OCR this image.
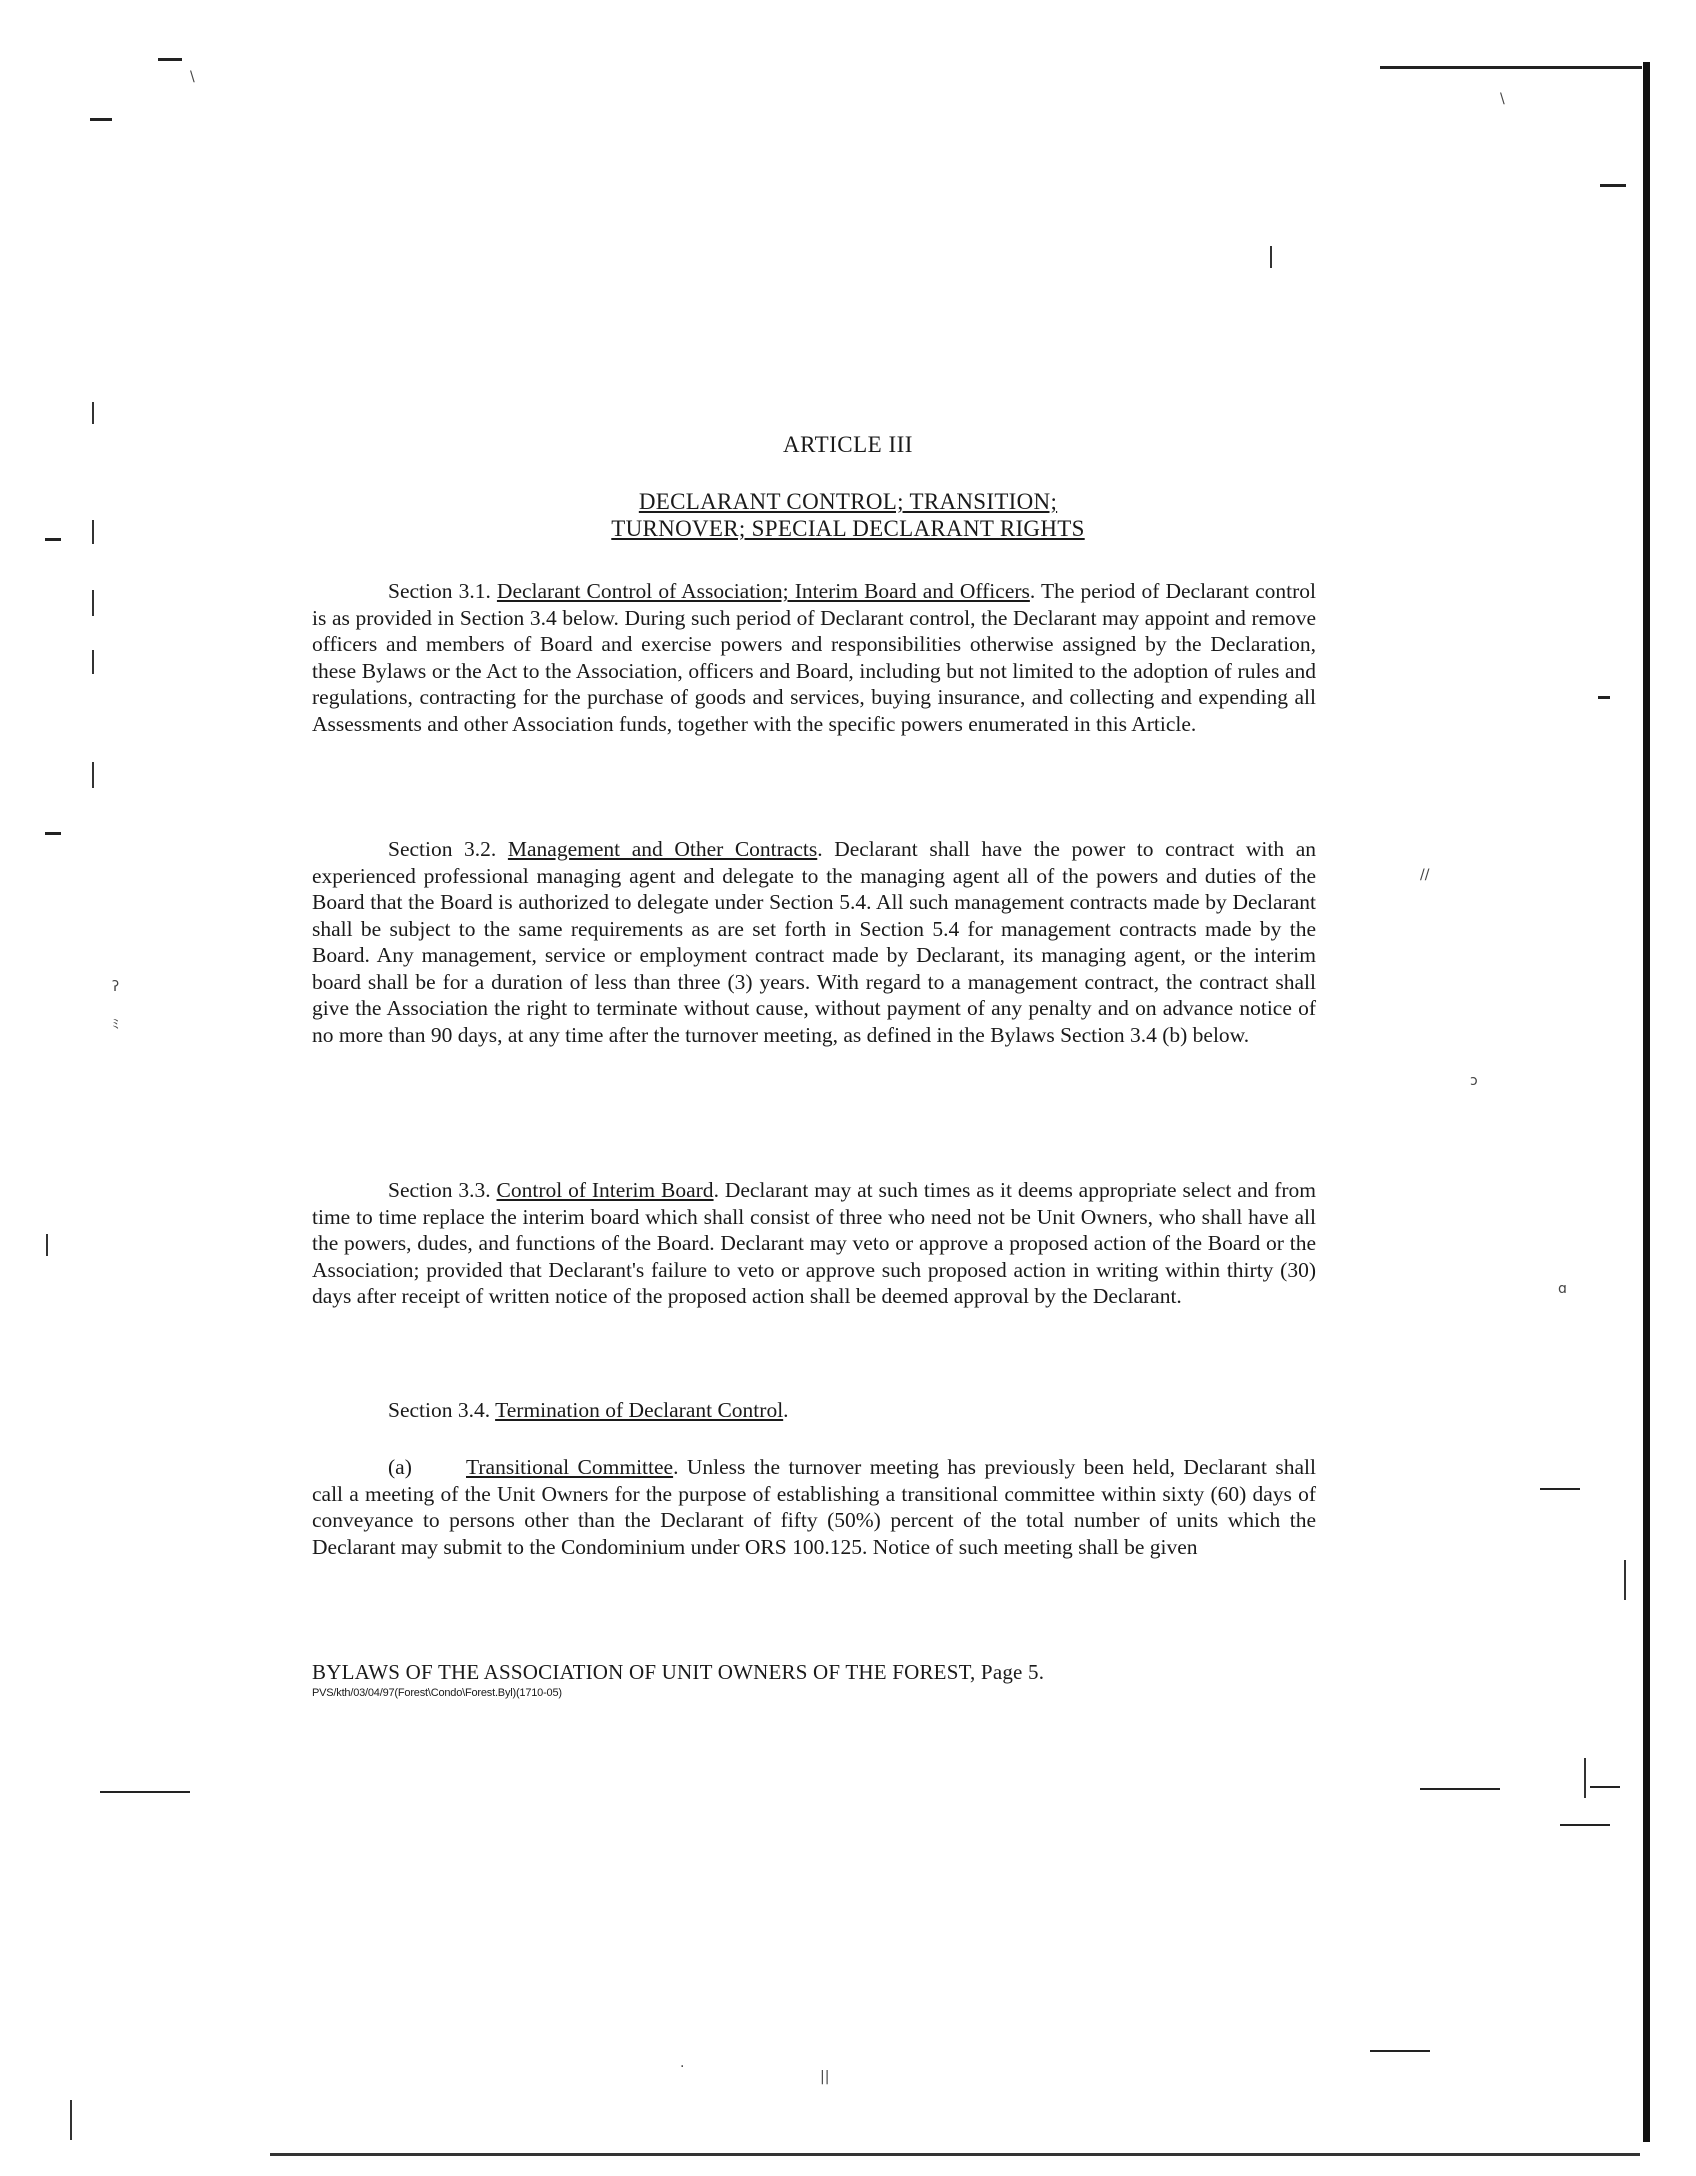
\
\
//
ɔ
ɑ
ʔ
ﾐ
·
||
ARTICLE III
DECLARANT CONTROL; TRANSITION;
TURNOVER; SPECIAL DECLARANT RIGHTS

Section 3.1. Declarant Control of Association; Interim Board and Officers. The period of Declarant control is as provided in Section 3.4 below. During such period of Declarant control, the Declarant may appoint and remove officers and members of Board and exercise powers and responsibilities otherwise assigned by the Declaration, these Bylaws or the Act to the Association, officers and Board, including but not limited to the adoption of rules and regulations, contracting for the purchase of goods and services, buying insurance, and collecting and expending all Assessments and other Association funds, together with the specific powers enumerated in this Article.

Section 3.2. Management and Other Contracts. Declarant shall have the power to contract with an experienced professional managing agent and delegate to the managing agent all of the powers and duties of the Board that the Board is authorized to delegate under Section 5.4. All such management contracts made by Declarant shall be subject to the same requirements as are set forth in Section 5.4 for management contracts made by the Board. Any management, service or employment contract made by Declarant, its managing agent, or the interim board shall be for a duration of less than three (3) years. With regard to a management contract, the contract shall give the Association the right to terminate without cause, without payment of any penalty and on advance notice of no more than 90 days, at any time after the turnover meeting, as defined in the Bylaws Section 3.4 (b) below.

Section 3.3. Control of Interim Board. Declarant may at such times as it deems appropriate select and from time to time replace the interim board which shall consist of three who need not be Unit Owners, who shall have all the powers, dudes, and functions of the Board. Declarant may veto or approve a proposed action of the Board or the Association; provided that Declarant's failure to veto or approve such proposed action in writing within thirty (30) days after receipt of written notice of the proposed action shall be deemed approval by the Declarant.

Section 3.4. Termination of Declarant Control.

(a)	Transitional Committee. Unless the turnover meeting has previously been held, Declarant shall call a meeting of the Unit Owners for the purpose of establishing a transitional committee within sixty (60) days of conveyance to persons other than the Declarant of fifty (50%) percent of the total number of units which the Declarant may submit to the Condominium under ORS 100.125. Notice of such meeting shall be given

BYLAWS OF THE ASSOCIATION OF UNIT OWNERS OF THE FOREST, Page 5.
PVS/kth/03/04/97(Forest\Condo\Forest.Byl)(1710-05)
